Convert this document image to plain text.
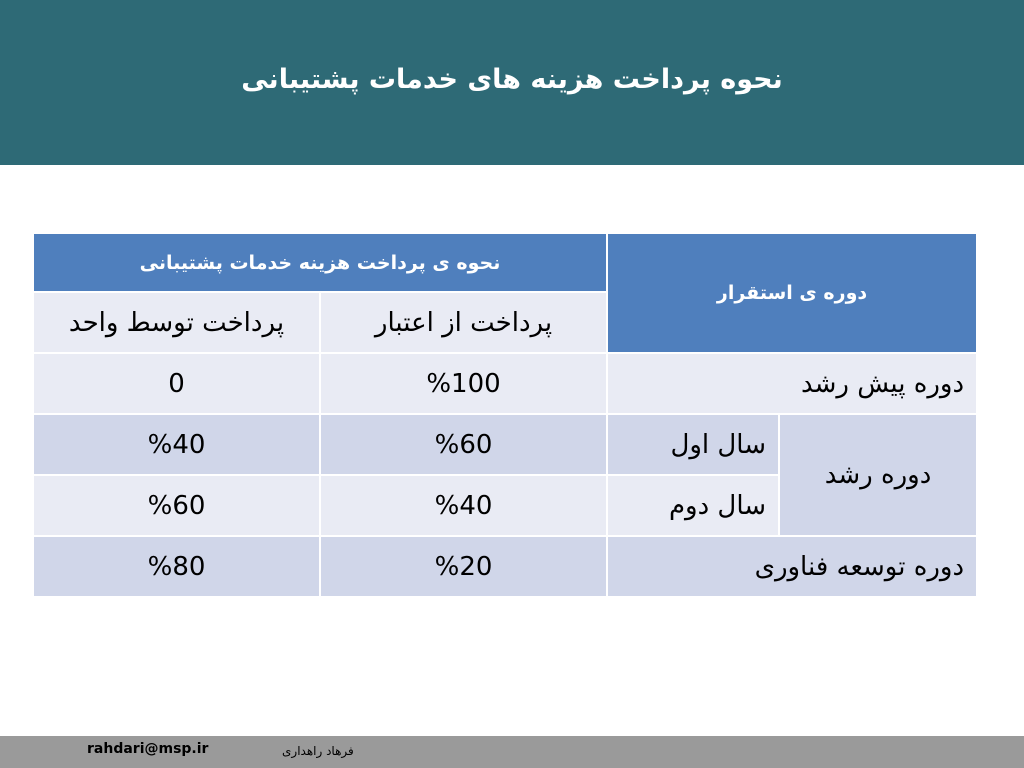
نحوه پرداخت هزینه های خدمات پشتیبانی
دوره ی استقرار		نحوه ی پرداخت هزینه خدمات پشتیبانی	
		پرداخت از اعتبار	پرداخت توسط واحد
دوره پیش رشد		%100	0
دوره رشد	سال اول	%60	%40
	سال دوم	%40	%60
دوره توسعه فناوری		%20	%80
rahdari@msp.ir	فرهاد راهداری
